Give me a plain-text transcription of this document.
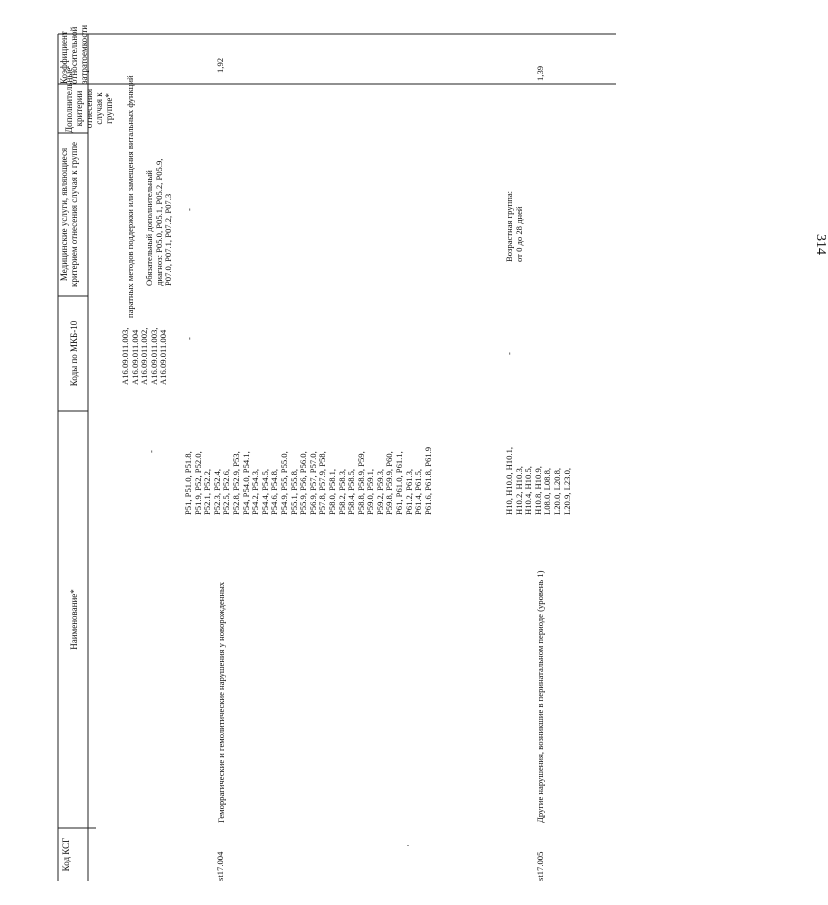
314
Код КСГ
Наименование*
Коды по МКБ-10
Медицинские услуги, являющиеся критерием отнесения случая к группе
Дополнительные критерии отнесения случая к группе*
Коэффициент относительной затратоемкости
паратных методов поддержки или замещения витальных функций
st17.004
Геморрагические и гемолитические нарушения у новорожденных
1,92
st17.005
Другие нарушения, возникшие в перинатальном периоде (уровень 1)
1,39
P51, P51.0, P51.8, P51.9, P52, P52.0, P52.1, P52.2, P52.3, P52.4, P52.5, P52.6, P52.8, P52.9, P53, P54, P54.0, P54.1, P54.2, P54.3, P54.4, P54.5, P54.6, P54.8, P54.9, P55, P55.0, P55.1, P55.8, P55.9, P56, P56.0, P56.9, P57, P57.0, P57.8, P57.9, P58, P58.0, P58.1, P58.2, P58.3, P58.4, P58.5, P58.8, P58.9, P59, P59.0, P59.1, P59.2, P59.3, P59.8, P59.9, P60, P61, P61.0, P61.1, P61.2, P61.3, P61.4, P61.5, P61.6, P61.8, P61.9
-
A16.09.011.003, A16.09.011.004 A16.09.011.002, A16.09.011.003, A16.09.011.004
Обязательный дополнительный диагноз: P05.0, P05.1, P05.2, P05.9, P07.0, P07.1, P07.2, P07.3
-
-
H10, H10.0, H10.1, H10.2, H10.3, H10.4, H10.5, H10.8, H10.9, L08.0, L08.8, L20.0, L20.8, L20.9, L23.0,
-
Возрастная группа: от 0 до 28 дней
